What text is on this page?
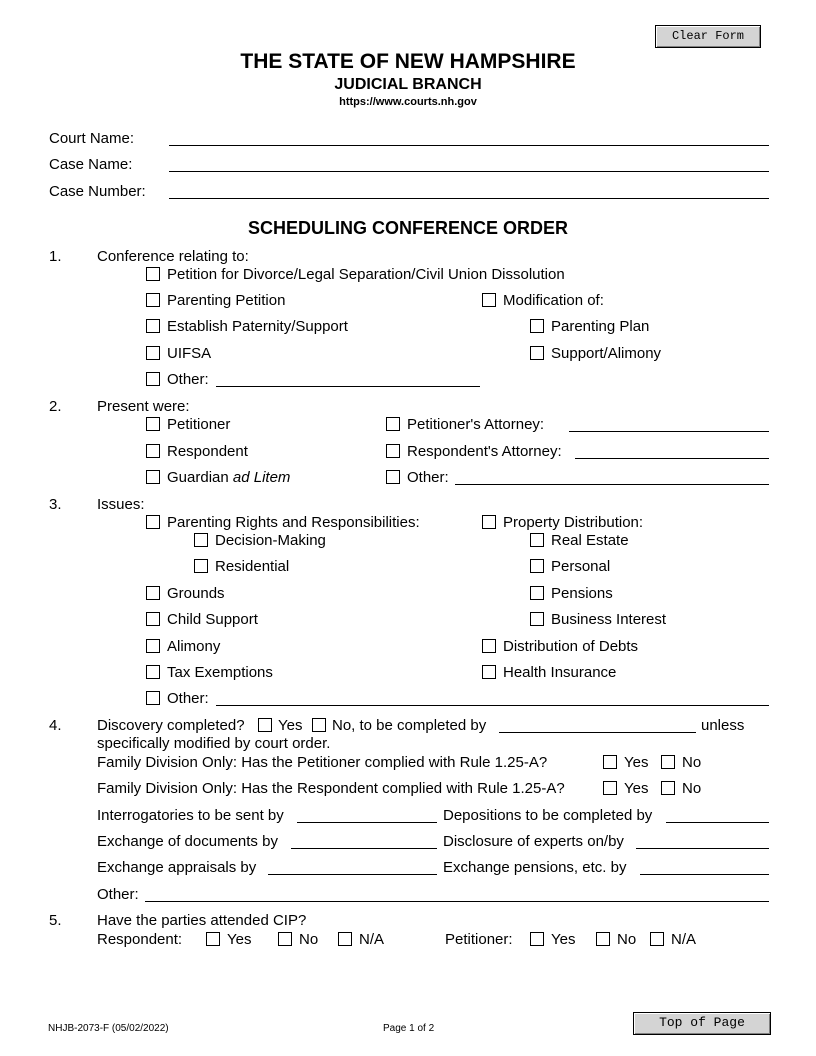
Clear Form
Top of Page
THE STATE OF NEW HAMPSHIRE
JUDICIAL BRANCH
https://www.courts.nh.gov
Court Name:
Case Name:
Case Number:
SCHEDULING CONFERENCE ORDER
1. Conference relating to:
Petition for Divorce/Legal Separation/Civil Union Dissolution
Parenting Petition	Modification of:
Establish Paternity/Support	Parenting Plan
UIFSA	Support/Alimony
Other:
2. Present were:
Petitioner	Petitioner's Attorney:
Respondent	Respondent's Attorney:
Guardian ad Litem	Other:
3. Issues:
Parenting Rights and Responsibilities:	Property Distribution:
Decision-Making	Real Estate
Residential	Personal
Grounds	Pensions
Child Support	Business Interest
Alimony	Distribution of Debts
Tax Exemptions	Health Insurance
Other:
4. Discovery completed? Yes No, to be completed by	unless
specifically modified by court order.
Family Division Only: Has the Petitioner complied with Rule 1.25-A?	Yes No
Family Division Only: Has the Respondent complied with Rule 1.25-A?	Yes No
Interrogatories to be sent by	Depositions to be completed by
Exchange of documents by	Disclosure of experts on/by
Exchange appraisals by	Exchange pensions, etc. by
Other:
5. Have the parties attended CIP?
Respondent:	Yes	No	N/A	Petitioner:	Yes	No N/A
NHJB-2073-F (05/02/2022)	Page 1 of 2
